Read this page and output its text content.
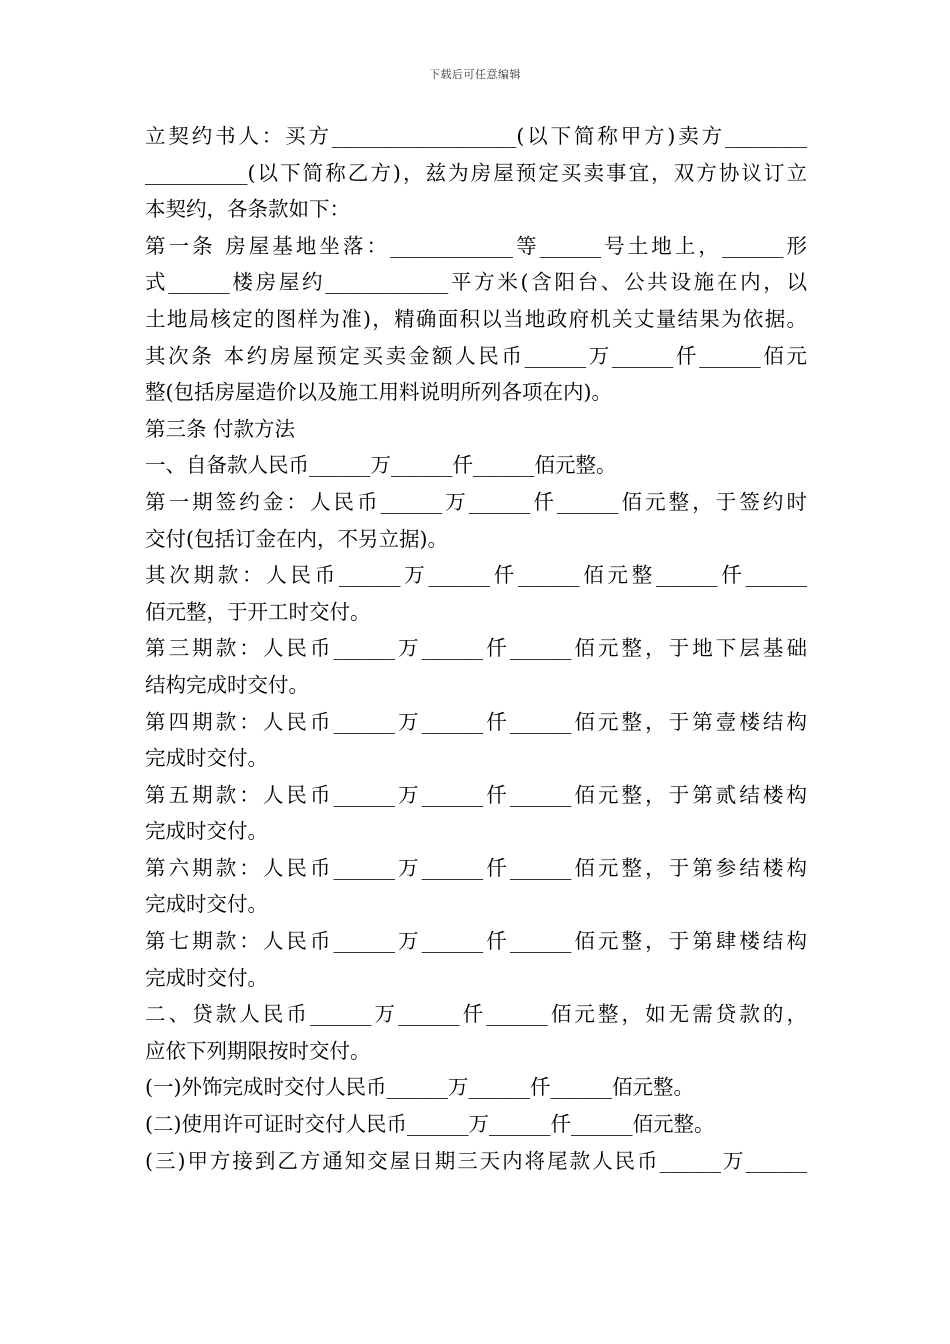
下载后可任意编辑
立契约书人：买方__________________(以下简称甲方)卖方________
__________(以下简称乙方)，兹为房屋预定买卖事宜，双方协议订立
本契约，各条款如下：
第一条 房屋基地坐落：____________等______号土地上，______形
式______楼房屋约____________平方米(含阳台、公共设施在内，以
土地局核定的图样为准)，精确面积以当地政府机关丈量结果为依据。
其次条 本约房屋预定买卖金额人民币______万______仟______佰元
整(包括房屋造价以及施工用料说明所列各项在内)。
第三条 付款方法
一、自备款人民币______万______仟______佰元整。
第一期签约金：人民币______万______仟______佰元整，于签约时
交付(包括订金在内，不另立据)。
其次期款：人民币______万______仟______佰元整______仟______
佰元整，于开工时交付。
第三期款：人民币______万______仟______佰元整，于地下层基础
结构完成时交付。
第四期款：人民币______万______仟______佰元整，于第壹楼结构
完成时交付。
第五期款：人民币______万______仟______佰元整，于第贰结楼构
完成时交付。
第六期款：人民币______万______仟______佰元整，于第参结楼构
完成时交付。
第七期款：人民币______万______仟______佰元整，于第肆楼结构
完成时交付。
二、贷款人民币______万______仟______佰元整，如无需贷款的，
应依下列期限按时交付。
(一)外饰完成时交付人民币______万______仟______佰元整。
(二)使用许可证时交付人民币______万______仟______佰元整。
(三)甲方接到乙方通知交屋日期三天内将尾款人民币______万______
